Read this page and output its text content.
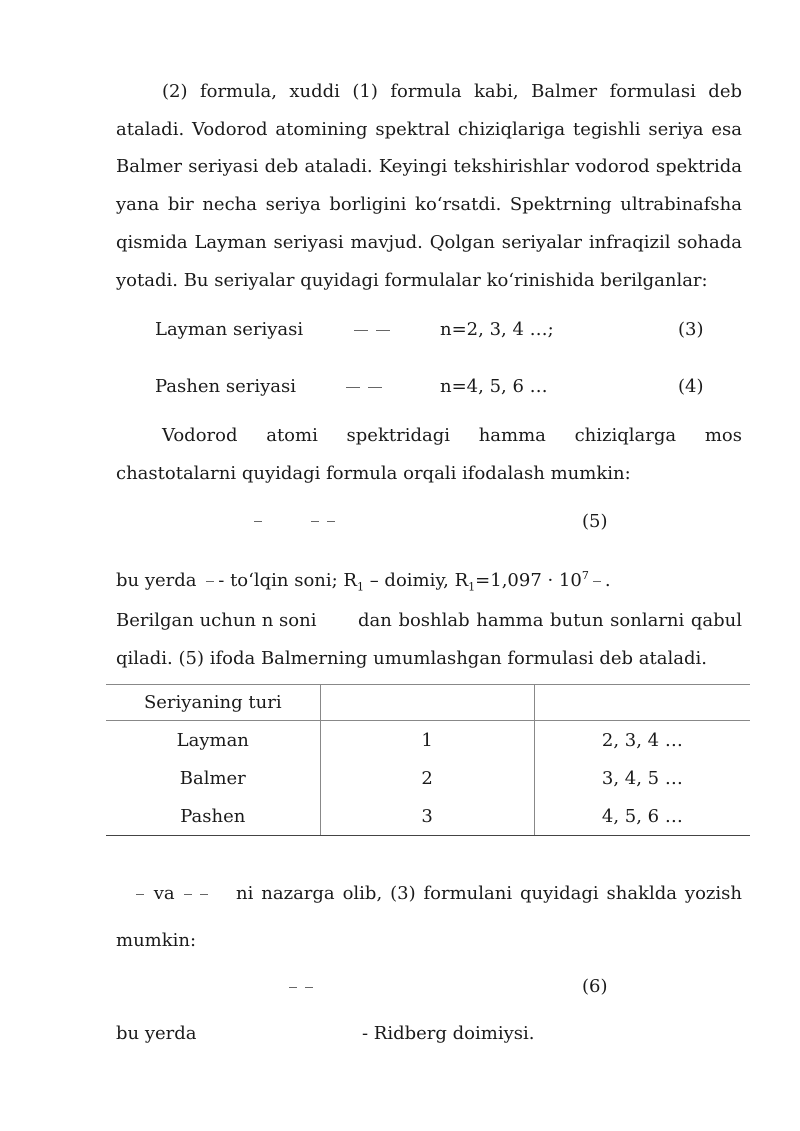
(2) formula, xuddi (1) formula kabi, Balmer formulasi deb
ataladi. Vodorod atomining spektral chiziqlariga tegishli seriya esa
Balmer seriyasi deb ataladi. Keyingi tekshirishlar vodorod spektrida
yana bir necha seriya borligini ko‘rsatdi. Spektrning ultrabinafsha
qismida Layman seriyasi mavjud. Qolgan seriyalar infraqizil sohada
yotadi. Bu seriyalar quyidagi formulalar ko‘rinishida berilganlar:
Layman seriyasi	n=2, 3, 4 …;	(3)
Pashen seriyasi	n=4, 5, 6 …	(4)
Vodorod atomi spektridagi hamma chiziqlarga mos
chastotalarni quyidagi formula orqali ifodalash mumkin:

(5)
bu yerda - to‘lqin soni; $R_1$ – doimiy, $R_1=1,097 \cdot 10^7$ .
Berilgan uchun n soni dan boshlab hamma butun sonlarni qabul
qiladi. (5) ifoda Balmerning umumlashgan formulasi deb ataladi.
Seriyaning turi		
Layman	1	2, 3, 4 …
Balmer	2	3, 4, 5 …
Pashen	3	4, 5, 6 …
va	ni nazarga olib, (3) formulani quyidagi shaklda yozish
mumkin:
(6)
bu yerda	- Ridberg doimiysi.
